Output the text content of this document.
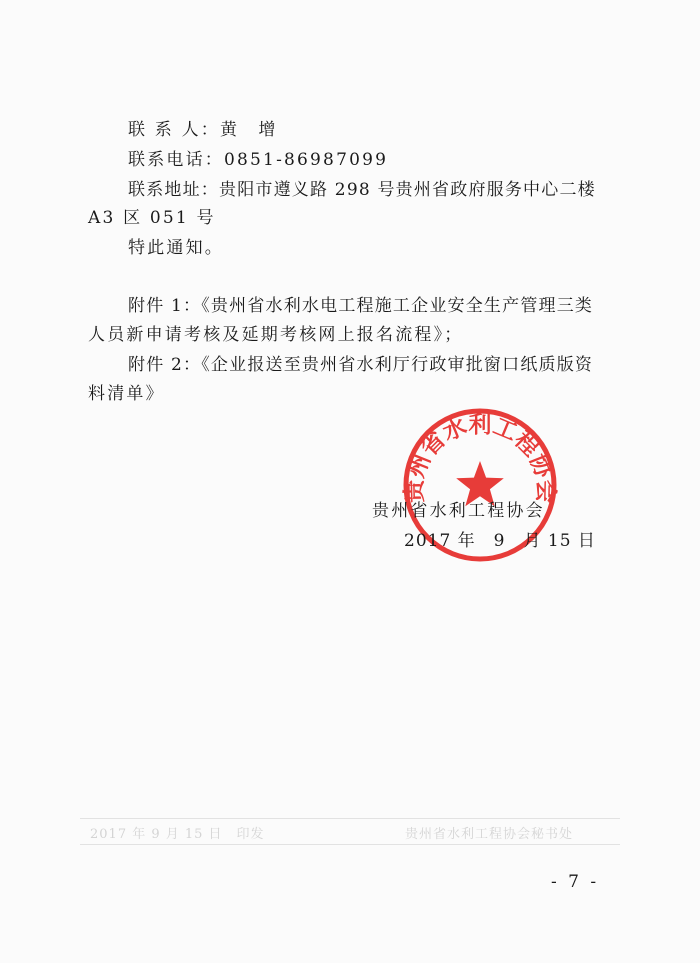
联 系 人：黄　增
联系电话：0851-86987099
联系地址：贵阳市遵义路 298 号贵州省政府服务中心二楼
A3 区 051 号
特此通知。
附件 1：《贵州省水利水电工程施工企业安全生产管理三类
人员新申请考核及延期考核网上报名流程》；
附件 2：《企业报送至贵州省水利厅行政审批窗口纸质版资
料清单》
贵州省水利工程协会
贵州省水利工程协会
2017 年　9　月 15 日
2017 年 9 月 15 日　印发	贵州省水利工程协会秘书处
- 7 -
